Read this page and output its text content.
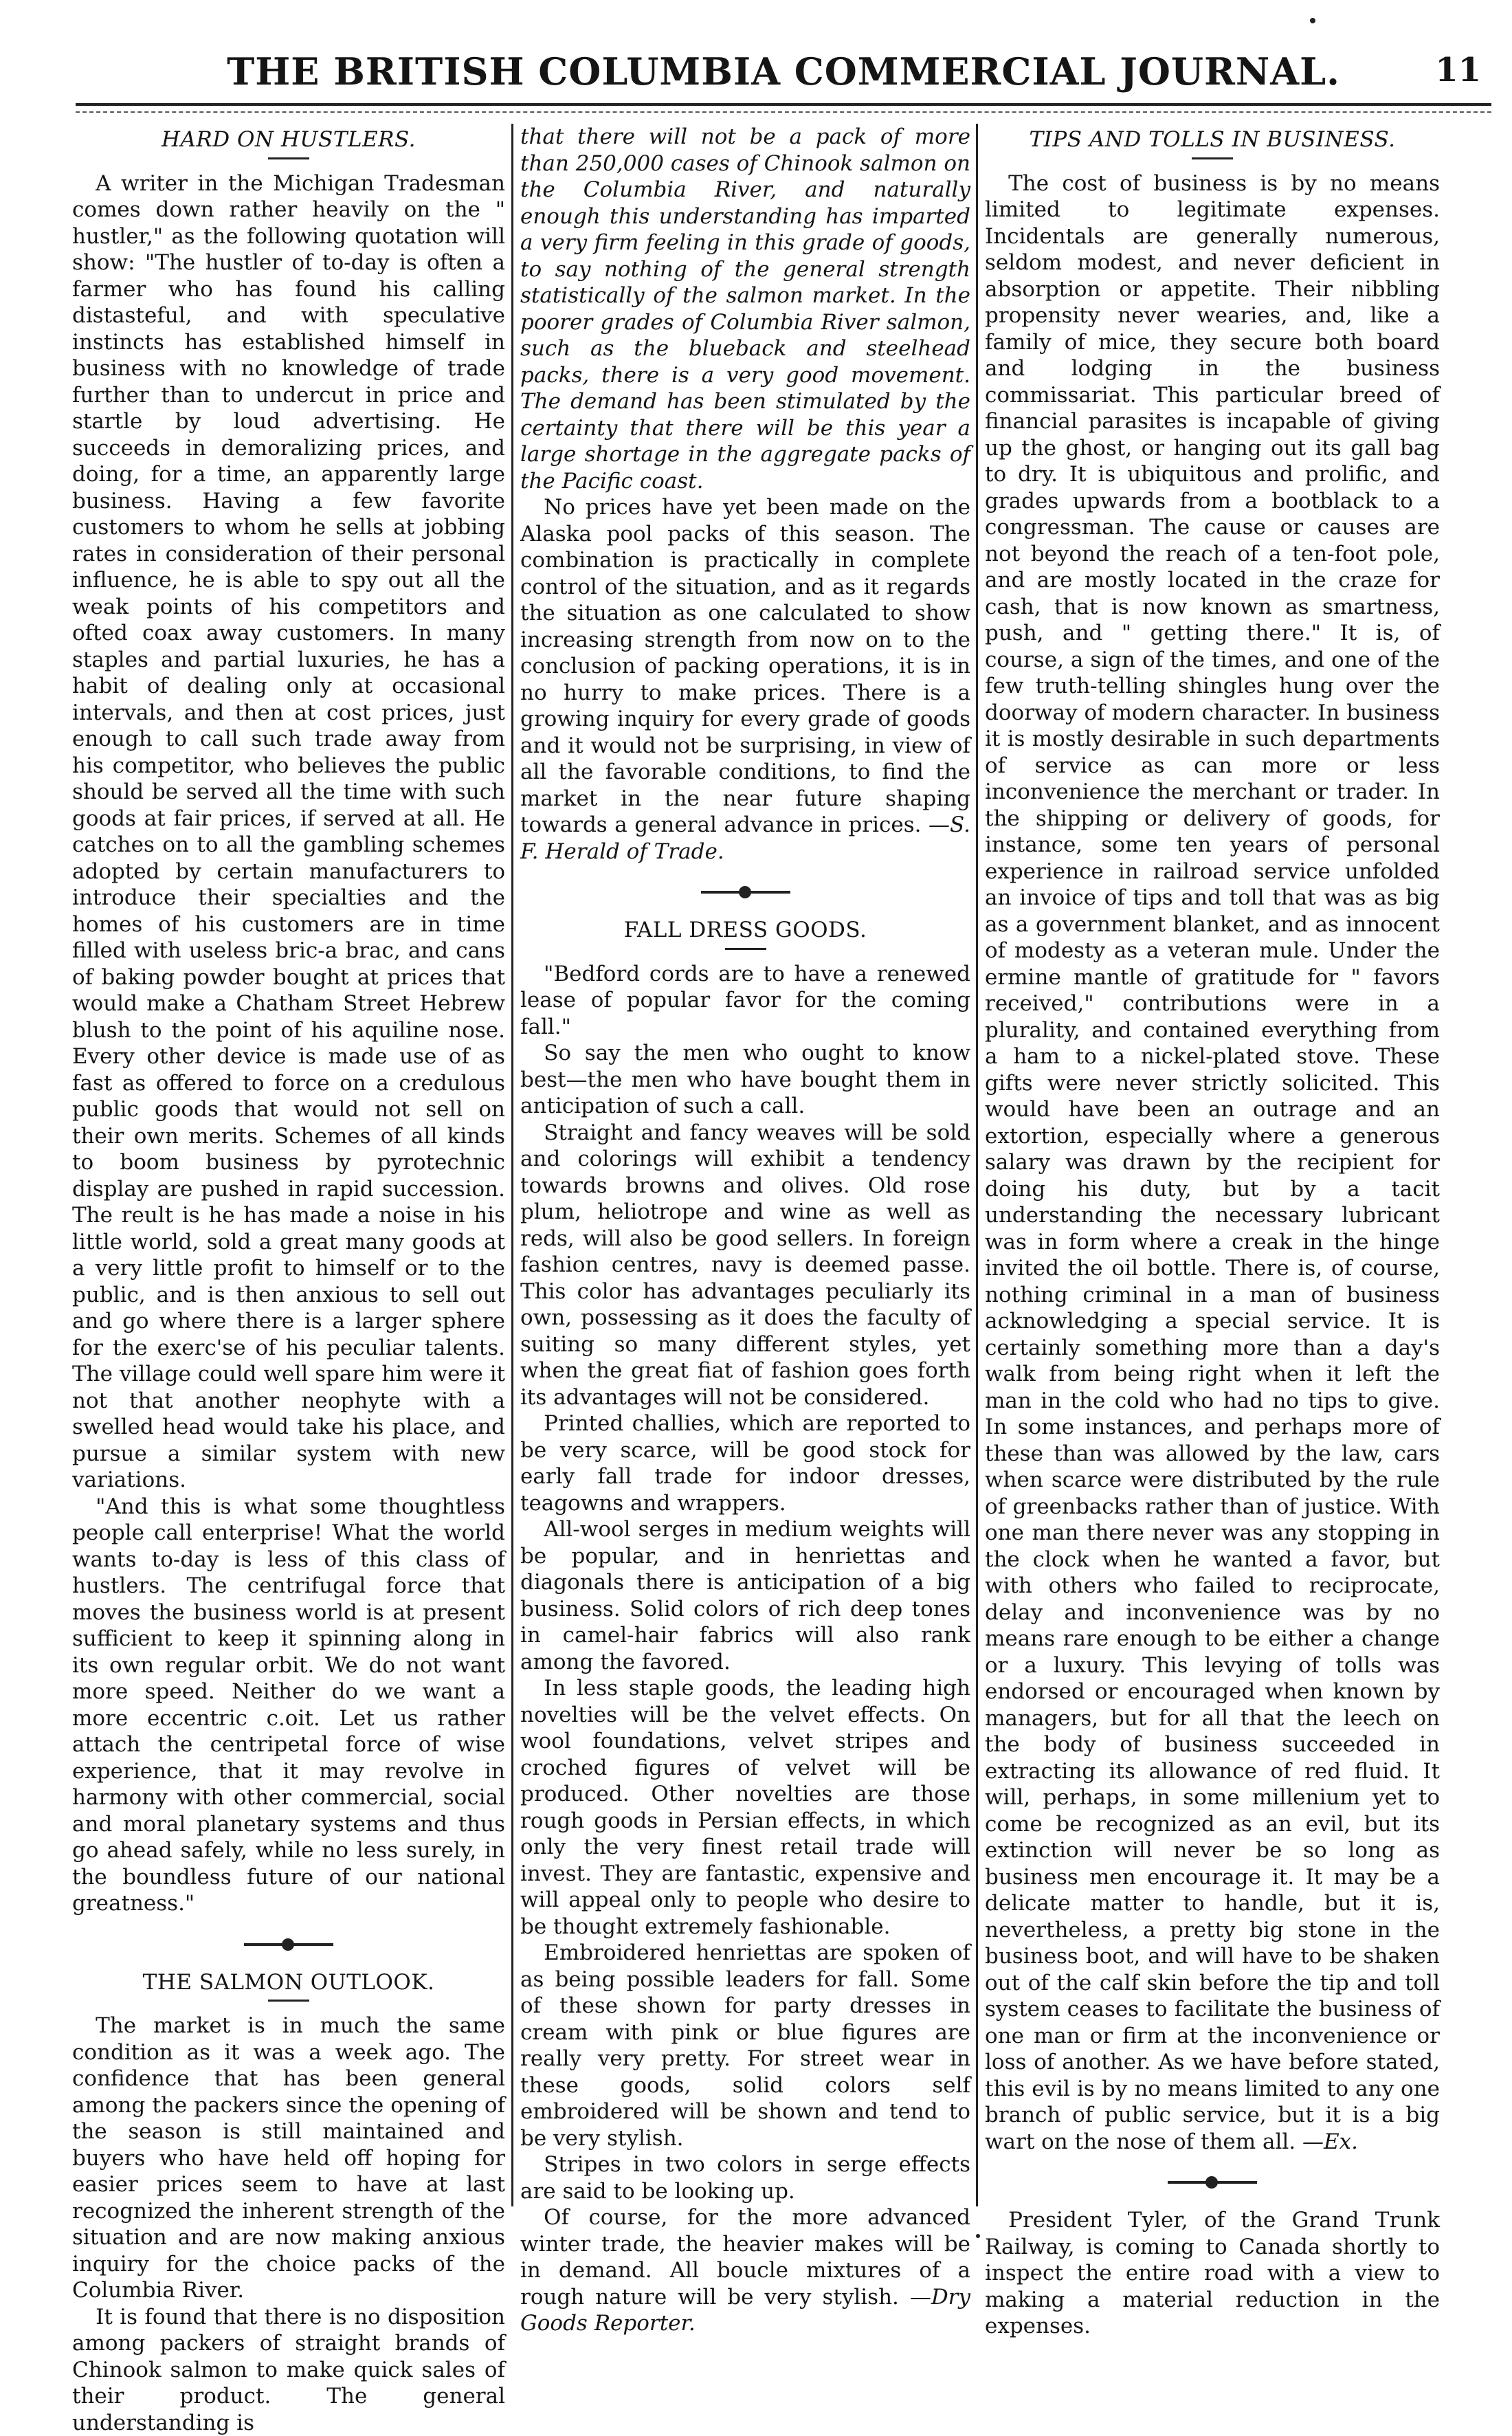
THE BRITISH COLUMBIA COMMERCIAL JOURNAL.	11
HARD ON HUSTLERS.

A writer in the Michigan Tradesman comes down rather heavily on the " hustler," as the following quotation will show: "The hustler of to-day is often a farmer who has found his calling distasteful, and with speculative instincts has established himself in business with no knowledge of trade further than to undercut in price and startle by loud advertising. He succeeds in demoralizing prices, and doing, for a time, an apparently large business. Having a few favorite customers to whom he sells at jobbing rates in consideration of their personal influence, he is able to spy out all the weak points of his competitors and ofted coax away customers. In many staples and partial luxuries, he has a habit of dealing only at occasional intervals, and then at cost prices, just enough to call such trade away from his competitor, who believes the public should be served all the time with such goods at fair prices, if served at all. He catches on to all the gambling schemes adopted by certain manufacturers to introduce their specialties and the homes of his customers are in time filled with useless bric-a brac, and cans of baking powder bought at prices that would make a Chatham Street Hebrew blush to the point of his aquiline nose. Every other device is made use of as fast as offered to force on a credulous public goods that would not sell on their own merits. Schemes of all kinds to boom business by pyrotechnic display are pushed in rapid succession. The reult is he has made a noise in his little world, sold a great many goods at a very little profit to himself or to the public, and is then anxious to sell out and go where there is a larger sphere for the exerc'se of his peculiar talents. The village could well spare him were it not that another neophyte with a swelled head would take his place, and pursue a similar system with new variations.

"And this is what some thoughtless people call enterprise! What the world wants to-day is less of this class of hustlers. The centrifugal force that moves the business world is at present sufficient to keep it spinning along in its own regular orbit. We do not want more speed. Neither do we want a more eccentric c.oit. Let us rather attach the centripetal force of wise experience, that it may revolve in harmony with other commercial, social and moral planetary systems and thus go ahead safely, while no less surely, in the boundless future of our national greatness."

THE SALMON OUTLOOK.

The market is in much the same condition as it was a week ago. The confidence that has been general among the packers since the opening of the season is still maintained and buyers who have held off hoping for easier prices seem to have at last recognized the inherent strength of the situation and are now making anxious inquiry for the choice packs of the Columbia River.

It is found that there is no disposition among packers of straight brands of Chinook salmon to make quick sales of their product. The general understanding is

that there will not be a pack of more than 250,000 cases of Chinook salmon on the Columbia River, and naturally enough this understanding has imparted a very firm feeling in this grade of goods, to say nothing of the general strength statistically of the salmon market. In the poorer grades of Columbia River salmon, such as the blueback and steelhead packs, there is a very good movement. The demand has been stimulated by the certainty that there will be this year a large shortage in the aggregate packs of the Pacific coast.

No prices have yet been made on the Alaska pool packs of this season. The combination is practically in complete control of the situation, and as it regards the situation as one calculated to show increasing strength from now on to the conclusion of packing operations, it is in no hurry to make prices. There is a growing inquiry for every grade of goods and it would not be surprising, in view of all the favorable conditions, to find the market in the near future shaping towards a general advance in prices. —S. F. Herald of Trade.

FALL DRESS GOODS.

"Bedford cords are to have a renewed lease of popular favor for the coming fall."

So say the men who ought to know best—the men who have bought them in anticipation of such a call.

Straight and fancy weaves will be sold and colorings will exhibit a tendency towards browns and olives. Old rose plum, heliotrope and wine as well as reds, will also be good sellers. In foreign fashion centres, navy is deemed passe. This color has advantages peculiarly its own, possessing as it does the faculty of suiting so many different styles, yet when the great fiat of fashion goes forth its advantages will not be considered.

Printed challies, which are reported to be very scarce, will be good stock for early fall trade for indoor dresses, teagowns and wrappers.

All-wool serges in medium weights will be popular, and in henriettas and diagonals there is anticipation of a big business. Solid colors of rich deep tones in camel-hair fabrics will also rank among the favored.

In less staple goods, the leading high novelties will be the velvet effects. On wool foundations, velvet stripes and croched figures of velvet will be produced. Other novelties are those rough goods in Persian effects, in which only the very finest retail trade will invest. They are fantastic, expensive and will appeal only to people who desire to be thought extremely fashionable.

Embroidered henriettas are spoken of as being possible leaders for fall. Some of these shown for party dresses in cream with pink or blue figures are really very pretty. For street wear in these goods, solid colors self embroidered will be shown and tend to be very stylish.

Stripes in two colors in serge effects are said to be looking up.

Of course, for the more advanced winter trade, the heavier makes will be in demand. All boucle mixtures of a rough nature will be very stylish. —Dry Goods Reporter.

TIPS AND TOLLS IN BUSINESS.

The cost of business is by no means limited to legitimate expenses. Incidentals are generally numerous, seldom modest, and never deficient in absorption or appetite. Their nibbling propensity never wearies, and, like a family of mice, they secure both board and lodging in the business commissariat. This particular breed of financial parasites is incapable of giving up the ghost, or hanging out its gall bag to dry. It is ubiquitous and prolific, and grades upwards from a bootblack to a congressman. The cause or causes are not beyond the reach of a ten-foot pole, and are mostly located in the craze for cash, that is now known as smartness, push, and " getting there." It is, of course, a sign of the times, and one of the few truth-telling shingles hung over the doorway of modern character. In business it is mostly desirable in such departments of service as can more or less inconvenience the merchant or trader. In the shipping or delivery of goods, for instance, some ten years of personal experience in railroad service unfolded an invoice of tips and toll that was as big as a government blanket, and as innocent of modesty as a veteran mule. Under the ermine mantle of gratitude for " favors received," contributions were in a plurality, and contained everything from a ham to a nickel-plated stove. These gifts were never strictly solicited. This would have been an outrage and an extortion, especially where a generous salary was drawn by the recipient for doing his duty, but by a tacit understanding the necessary lubricant was in form where a creak in the hinge invited the oil bottle. There is, of course, nothing criminal in a man of business acknowledging a special service. It is certainly something more than a day's walk from being right when it left the man in the cold who had no tips to give. In some instances, and perhaps more of these than was allowed by the law, cars when scarce were distributed by the rule of greenbacks rather than of justice. With one man there never was any stopping in the clock when he wanted a favor, but with others who failed to reciprocate, delay and inconvenience was by no means rare enough to be either a change or a luxury. This levying of tolls was endorsed or encouraged when known by managers, but for all that the leech on the body of business succeeded in extracting its allowance of red fluid. It will, perhaps, in some millenium yet to come be recognized as an evil, but its extinction will never be so long as business men encourage it. It may be a delicate matter to handle, but it is, nevertheless, a pretty big stone in the business boot, and will have to be shaken out of the calf skin before the tip and toll system ceases to facilitate the business of one man or firm at the inconvenience or loss of another. As we have before stated, this evil is by no means limited to any one branch of public service, but it is a big wart on the nose of them all. —Ex.

President Tyler, of the Grand Trunk Railway, is coming to Canada shortly to inspect the entire road with a view to making a material reduction in the expenses.
